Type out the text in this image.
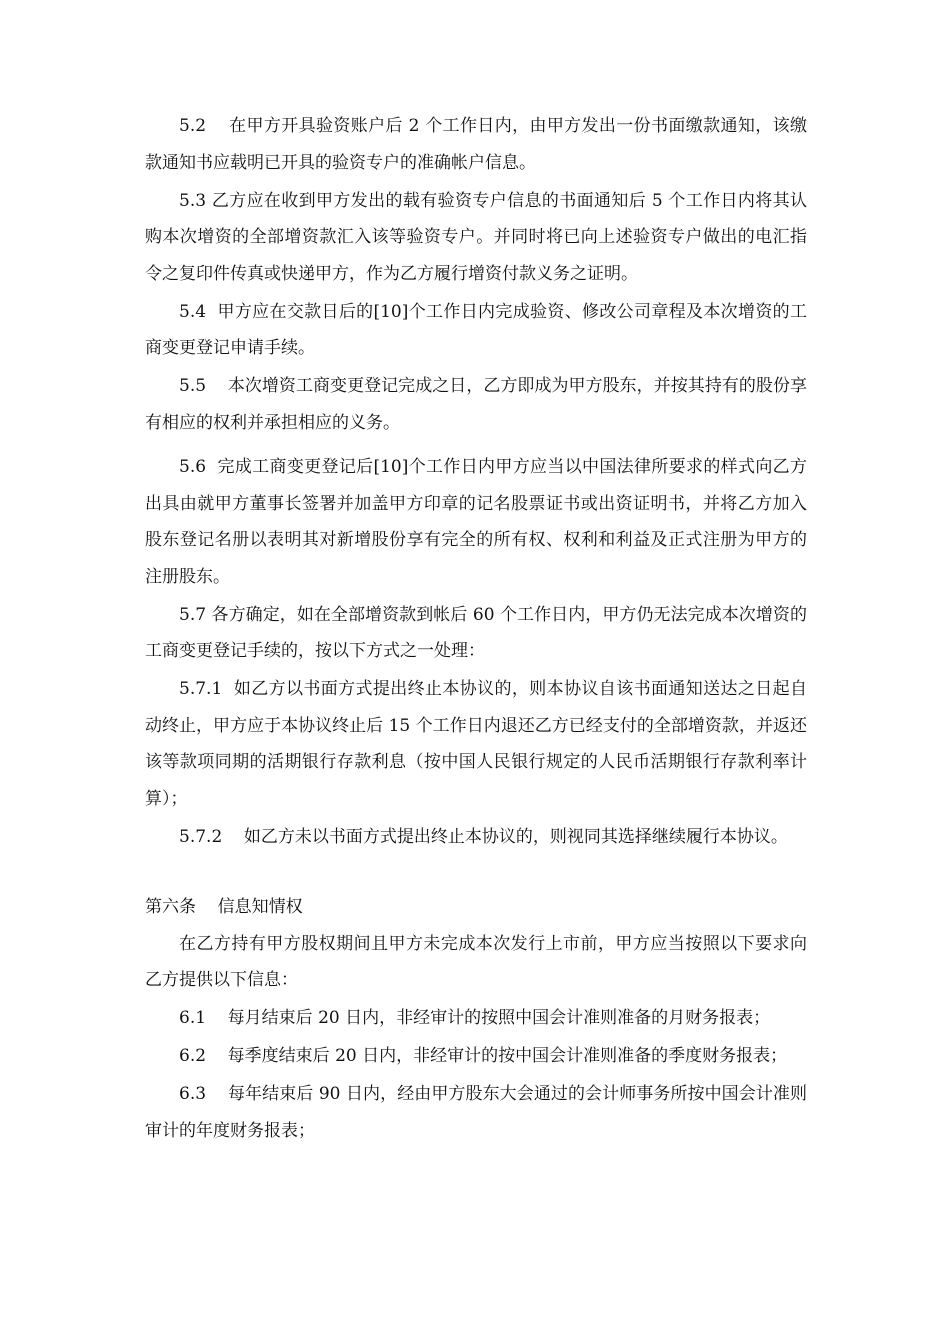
5.2 在甲方开具验资账户后 2 个工作日内，由甲方发出一份书面缴款通知，该缴款通知书应载明已开具的验资专户的准确帐户信息。

5.3 乙方应在收到甲方发出的载有验资专户信息的书面通知后 5 个工作日内将其认购本次增资的全部增资款汇入该等验资专户。并同时将已向上述验资专户做出的电汇指令之复印件传真或快递甲方，作为乙方履行增资付款义务之证明。

5.4 甲方应在交款日后的[10]个工作日内完成验资、修改公司章程及本次增资的工商变更登记申请手续。

5.5 本次增资工商变更登记完成之日，乙方即成为甲方股东，并按其持有的股份享有相应的权利并承担相应的义务。

5.6 完成工商变更登记后[10]个工作日内甲方应当以中国法律所要求的样式向乙方出具由就甲方董事长签署并加盖甲方印章的记名股票证书或出资证明书，并将乙方加入股东登记名册以表明其对新增股份享有完全的所有权、权利和利益及正式注册为甲方的注册股东。

5.7 各方确定，如在全部增资款到帐后 60 个工作日内，甲方仍无法完成本次增资的工商变更登记手续的，按以下方式之一处理：

5.7.1 如乙方以书面方式提出终止本协议的，则本协议自该书面通知送达之日起自动终止，甲方应于本协议终止后 15 个工作日内退还乙方已经支付的全部增资款，并返还该等款项同期的活期银行存款利息（按中国人民银行规定的人民币活期银行存款利率计算）；

5.7.2 如乙方未以书面方式提出终止本协议的，则视同其选择继续履行本协议。

第六条    信息知情权

在乙方持有甲方股权期间且甲方未完成本次发行上市前，甲方应当按照以下要求向乙方提供以下信息：

6.1 每月结束后 20 日内，非经审计的按照中国会计准则准备的月财务报表；

6.2 每季度结束后 20 日内，非经审计的按中国会计准则准备的季度财务报表；

6.3 每年结束后 90 日内，经由甲方股东大会通过的会计师事务所按中国会计准则审计的年度财务报表；
